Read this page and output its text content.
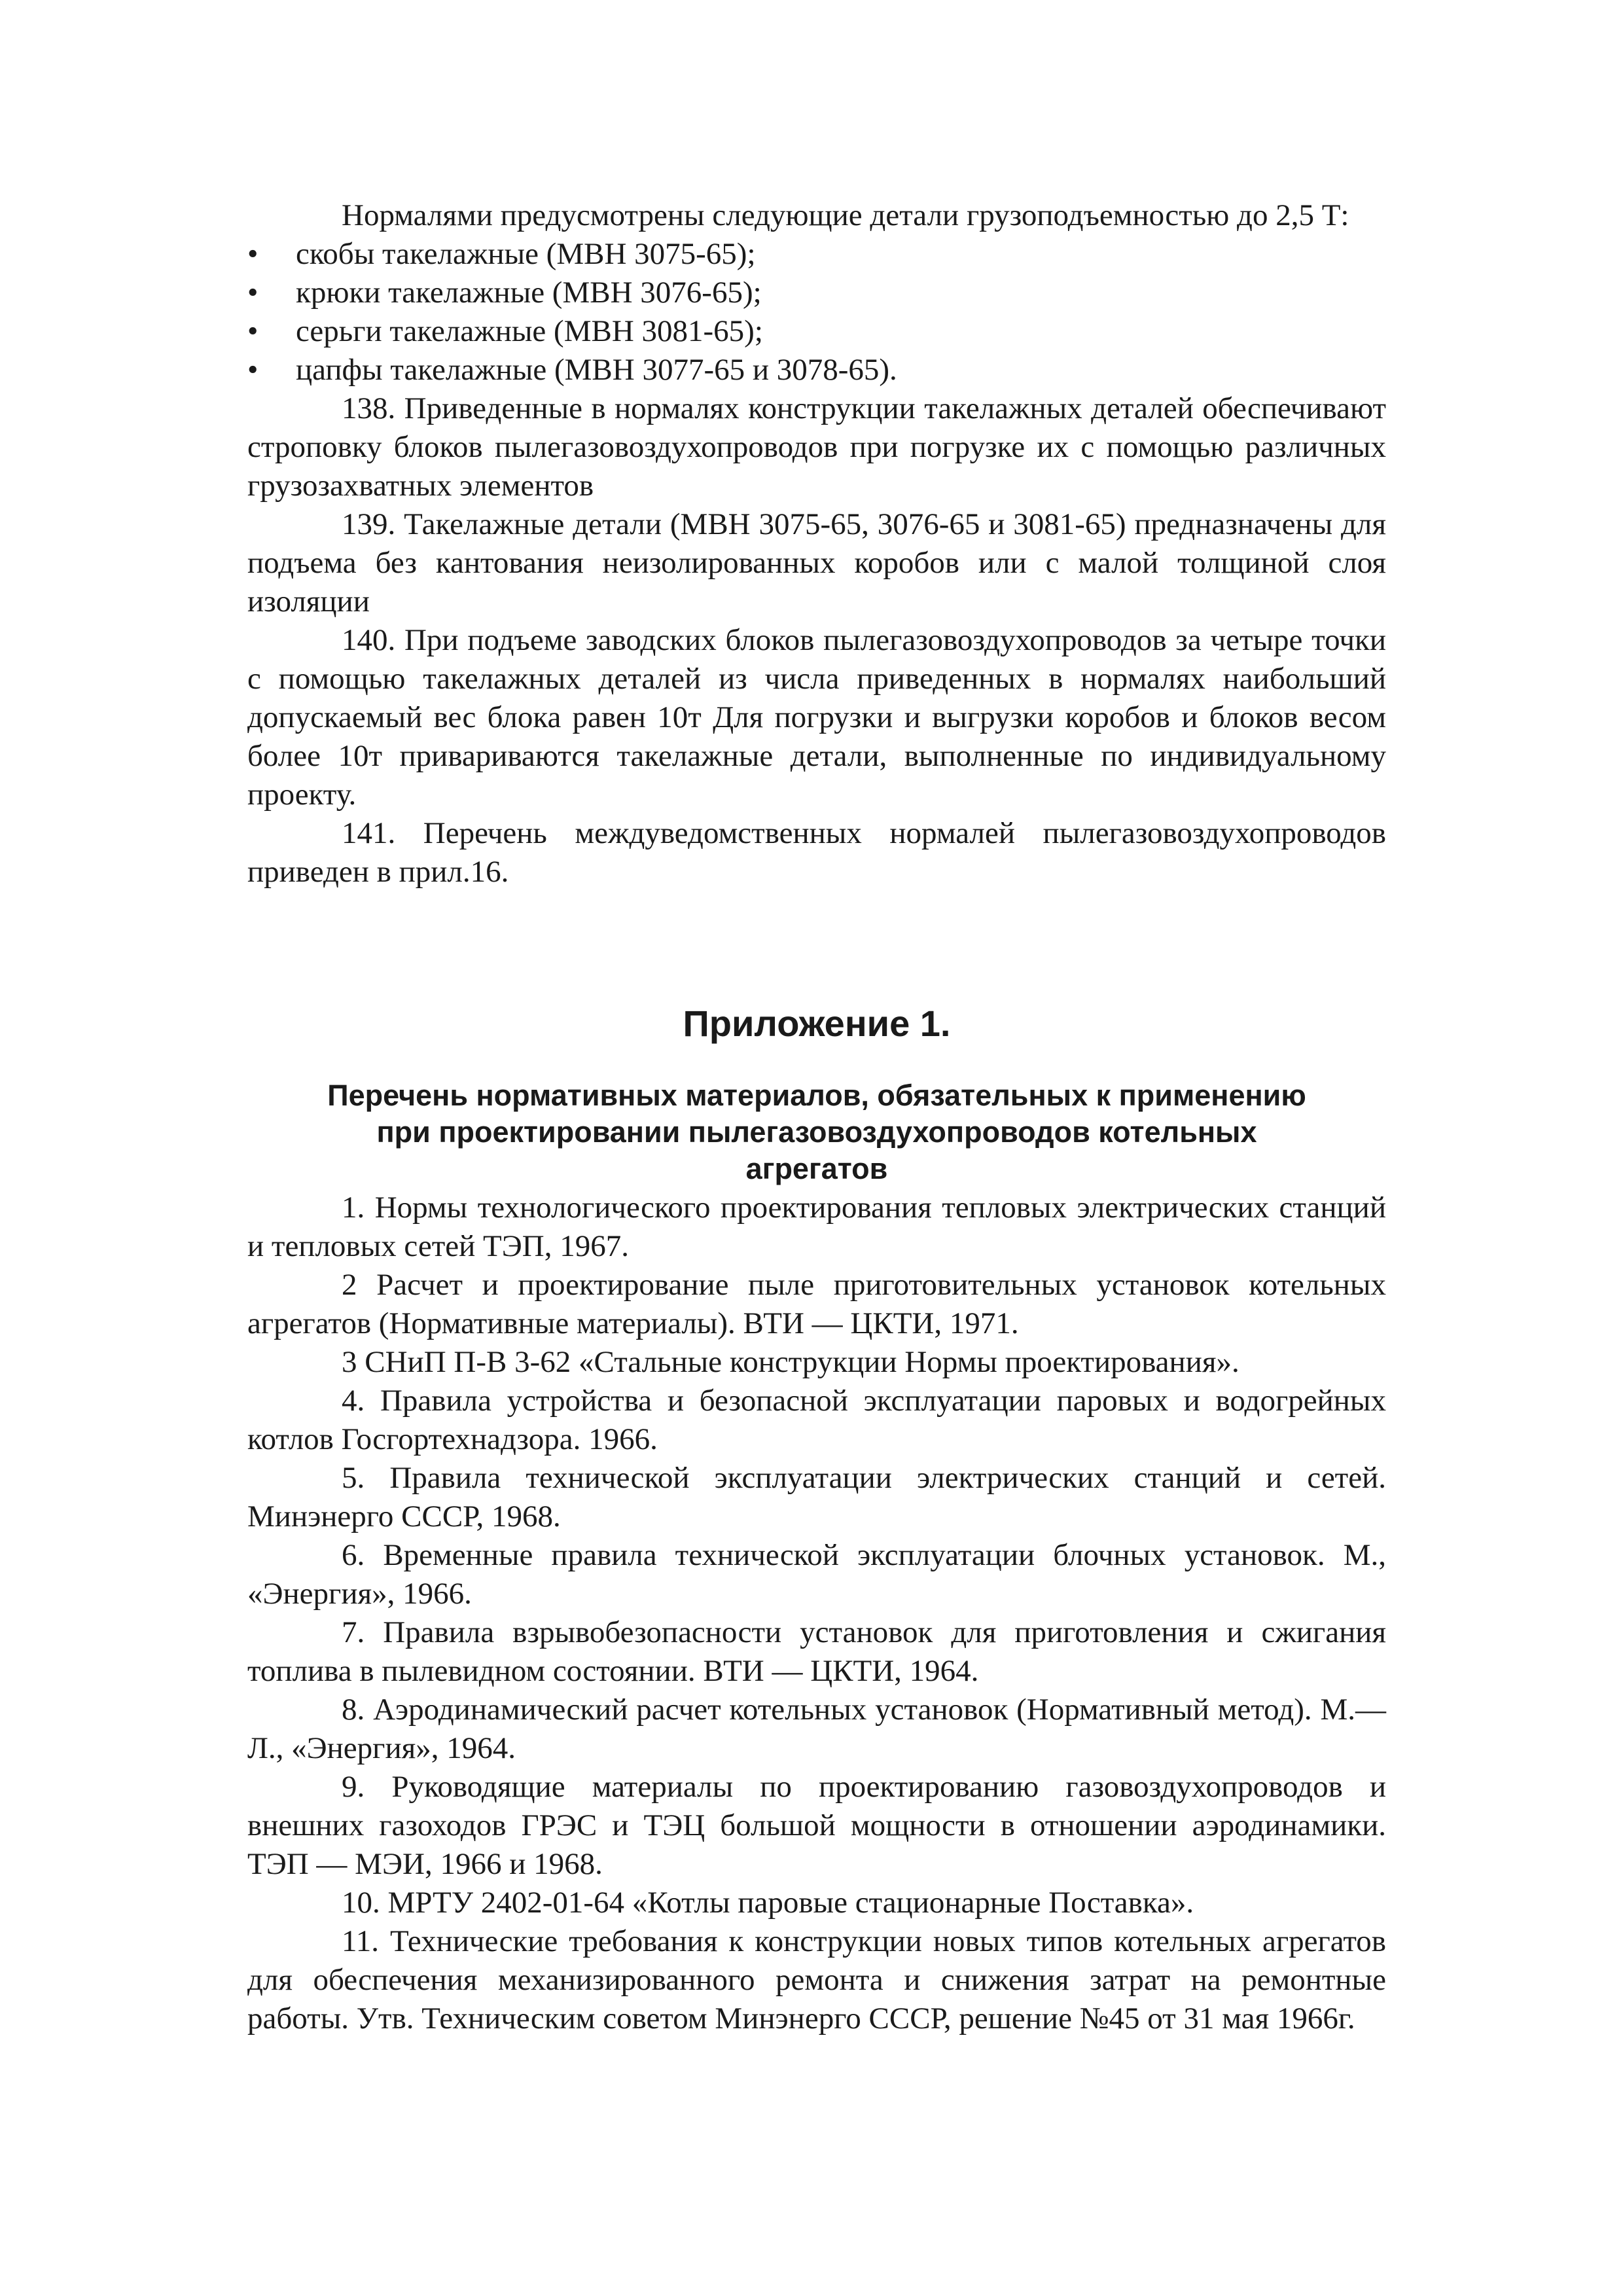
Нормалями предусмотрены следующие детали грузоподъемностью до 2,5 Т:

•	скобы такелажные (МВН 3075-65);
•	крюки такелажные (МВН 3076-65);
•	серьги такелажные (МВН 3081-65);
•	цапфы такелажные (МВН 3077-65 и 3078-65).

138. Приведенные в нормалях конструкции такелажных деталей обеспечивают строповку блоков пылегазовоздухопроводов при погрузке их с помощью различных грузозахватных элементов

139. Такелажные детали (МВН 3075-65, 3076-65 и 3081-65) предназначены для подъема без кантования неизолированных коробов или с малой толщиной слоя изоляции

140. При подъеме заводских блоков пылегазовоздухопроводов за четыре точки с помощью такелажных деталей из числа приведенных в нормалях наибольший допускаемый вес блока равен 10т Для погрузки и выгрузки коробов и блоков весом более 10т привариваются такелажные детали, выполненные по индивидуальному проекту.

141. Перечень междуведомственных нормалей пылегазовоздухопроводов приведен в прил.16.

Приложение 1.
Перечень нормативных материалов, обязательных к применению
при проектировании пылегазовоздухопроводов котельных
агрегатов

1. Нормы технологического проектирования тепловых электрических станций и тепловых сетей ТЭП, 1967.

2 Расчет и проектирование пыле приготовительных установок котельных агрегатов (Нормативные материалы). ВТИ — ЦКТИ, 1971.

3 СНиП П-В 3-62 «Стальные конструкции Нормы проектирования».

4. Правила устройства и безопасной эксплуатации паровых и водогрейных котлов Госгортехнадзора. 1966.

5. Правила технической эксплуатации электрических станций и сетей. Минэнерго СССР, 1968.

6. Временные правила технической эксплуатации блочных установок. М., «Энергия», 1966.

7. Правила взрывобезопасности установок для приготовления и сжигания топлива в пылевидном состоянии. ВТИ — ЦКТИ, 1964.

8. Аэродинамический расчет котельных установок (Нормативный метод). М.— Л., «Энергия», 1964.

9. Руководящие материалы по проектированию газовоздухопроводов и внешних газоходов ГРЭС и ТЭЦ большой мощности в отношении аэродинамики. ТЭП — МЭИ, 1966 и 1968.

10. МРТУ 2402-01-64 «Котлы паровые стационарные Поставка».

11. Технические требования к конструкции новых типов котельных агрегатов для обеспечения механизированного ремонта и снижения затрат на ремонтные работы. Утв. Техническим советом Минэнерго СССР, решение №45 от 31 мая 1966г.
